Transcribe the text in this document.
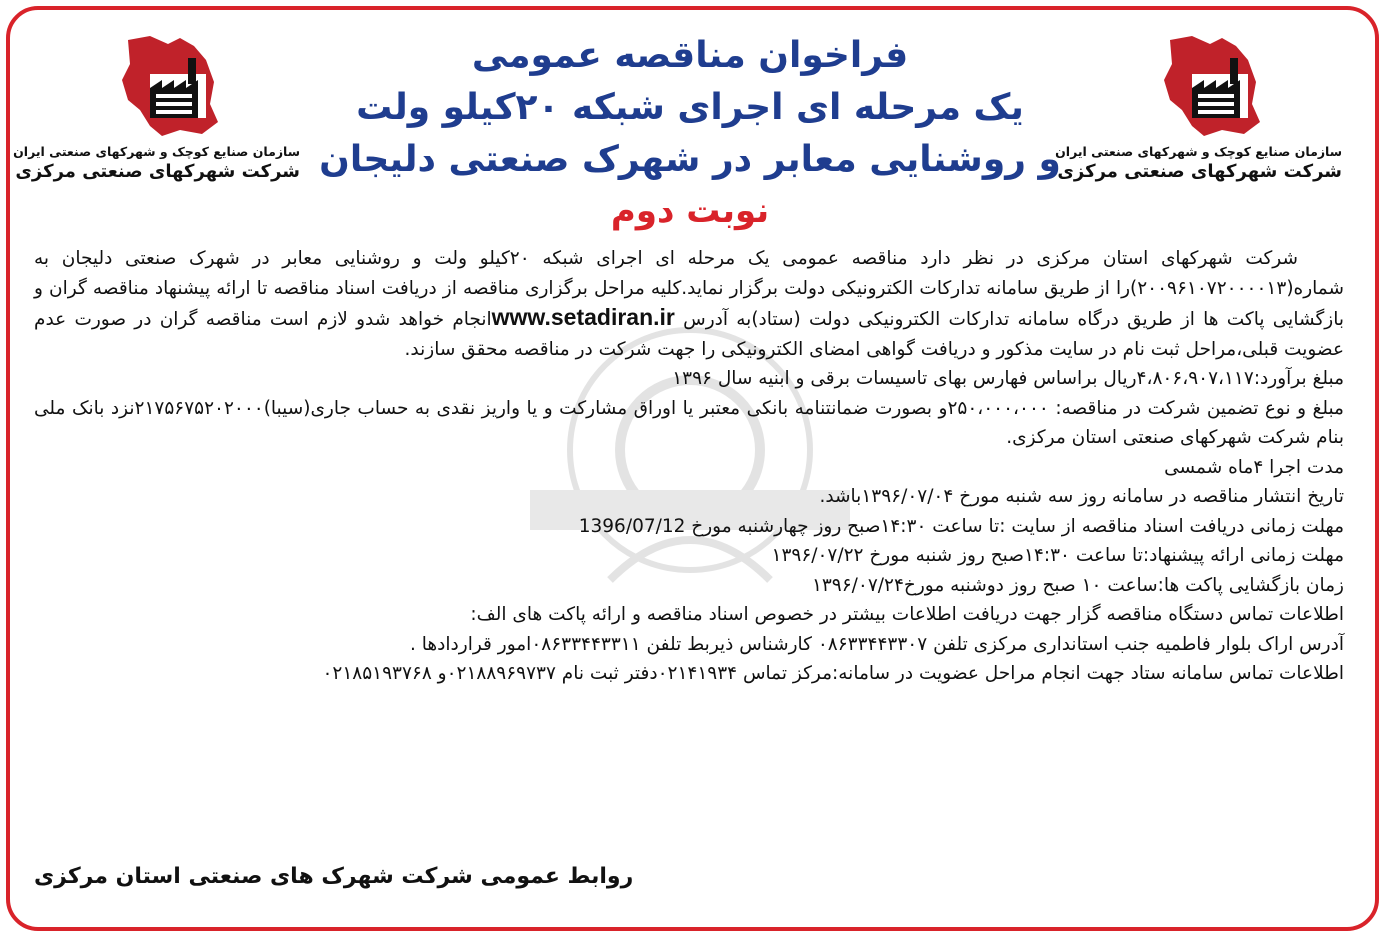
سازمان صنایع کوچک و شهرکهای صنعتی ایران
شرکت شهرکهای صنعتی مرکزی
سازمان صنایع کوچک و شهرکهای صنعتی ایران
شرکت شهرکهای صنعتی مرکزی
فراخوان مناقصه عمومی
یک مرحله ای اجرای شبکه ۲۰کیلو ولت
و روشنایی معابر در شهرک صنعتی دلیجان
نوبت دوم

شرکت شهرکهای استان مرکزی در نظر دارد مناقصه عمومی یک مرحله ای اجرای شبکه ۲۰کیلو ولت و روشنایی معابر در شهرک صنعتی دلیجان به شماره(۲۰۰۹۶۱۰۷۲۰۰۰۰۱۳)را از طریق سامانه تدارکات الکترونیکی دولت برگزار نماید.کلیه مراحل برگزاری مناقصه از دریافت اسناد مناقصه تا ارائه پیشنهاد مناقصه گران و بازگشایی پاکت ها از طریق درگاه سامانه تدارکات الکترونیکی دولت (ستاد)به آدرس www.setadiran.irانجام خواهد شدو لازم است مناقصه گران در صورت عدم عضویت قبلی،مراحل ثبت نام در سایت مذکور و دریافت گواهی امضای الکترونیکی را جهت شرکت در مناقصه محقق سازند.

مبلغ برآورد:۴،۸۰۶،۹۰۷،۱۱۷ریال براساس فهارس بهای تاسیسات برقی و ابنیه سال ۱۳۹۶

مبلغ و نوع تضمین شرکت در مناقصه: ۲۵۰،۰۰۰،۰۰۰و بصورت ضمانتنامه بانکی معتبر یا اوراق مشارکت و یا واریز نقدی به حساب جاری(سیبا)۲۱۷۵۶۷۵۲۰۲۰۰۰نزد بانک ملی بنام شرکت شهرکهای صنعتی استان مرکزی.

مدت اجرا ۴ماه شمسی

تاریخ انتشار مناقصه در سامانه روز سه شنبه مورخ ۱۳۹۶/۰۷/۰۴باشد.

مهلت زمانی دریافت اسناد مناقصه از سایت :تا ساعت ۱۴:۳۰صبح روز چهارشنبه مورخ 1396/07/12

مهلت زمانی ارائه پیشنهاد:تا ساعت ۱۴:۳۰صبح روز شنبه مورخ ۱۳۹۶/۰۷/۲۲

زمان بازگشایی پاکت ها:ساعت ۱۰ صبح روز دوشنبه مورخ۱۳۹۶/۰۷/۲۴

اطلاعات تماس دستگاه مناقصه گزار جهت دریافت اطلاعات بیشتر در خصوص اسناد مناقصه و ارائه پاکت های الف:

آدرس اراک بلوار فاطمیه جنب استانداری مرکزی تلفن ۰۸۶۳۳۴۴۳۳۰۷ کارشناس ذیربط تلفن ۰۸۶۳۳۴۴۳۳۱۱امور قراردادها .

اطلاعات تماس سامانه ستاد جهت انجام مراحل عضویت در سامانه:مرکز تماس ۰۲۱۴۱۹۳۴دفتر ثبت نام ۰۲۱۸۸۹۶۹۷۳۷و ۰۲۱۸۵۱۹۳۷۶۸

روابط عمومی شرکت شهرک های صنعتی استان مرکزی
